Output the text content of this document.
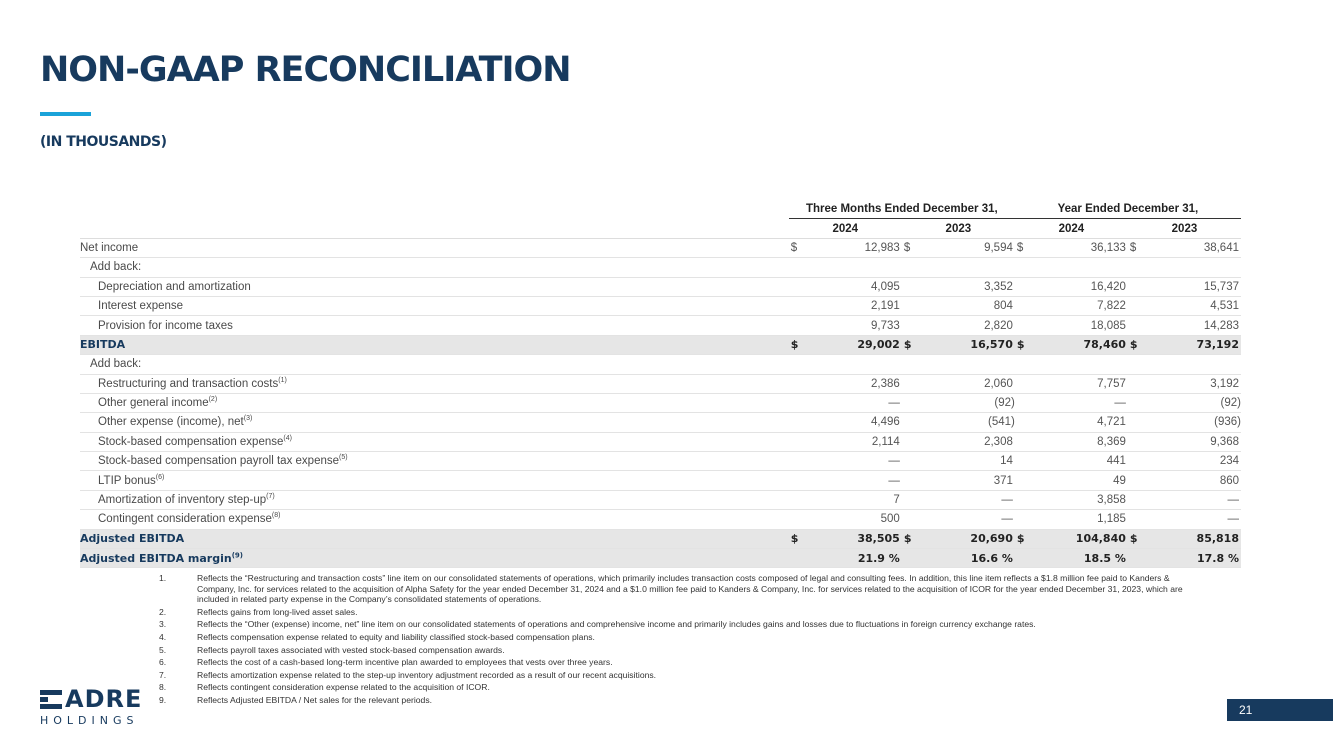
NON-GAAP RECONCILIATION
(IN THOUSANDS)
	Three Months Ended December 31,				Year Ended December 31,			
	2024		2023		2024		2023	
Net income	$	12,983	$	9,594	$	36,133	$	38,641
Add back:								
Depreciation and amortization		4,095		3,352		16,420		15,737
Interest expense		2,191		804		7,822		4,531
Provision for income taxes		9,733		2,820		18,085		14,283
EBITDA	$	29,002	$	16,570	$	78,460	$	73,192
Add back:								
Restructuring and transaction costs$^{(1)}$		2,386		2,060		7,757		3,192
Other general income$^{(2)}$		—		(92)		—		(92)
Other expense (income), net$^{(3)}$		4,496		(541)		4,721		(936)
Stock-based compensation expense$^{(4)}$		2,114		2,308		8,369		9,368
Stock-based compensation payroll tax expense$^{(5)}$		—		14		441		234
LTIP bonus$^{(6)}$		—		371		49		860
Amortization of inventory step-$up^{(7)}$		7		—		3,858		—
Contingent consideration expense$^{(8)}$		500		—		1,185		—
Adjusted EBITDA	$	38,505	$	20,690	$	104,840	$	85,818
Adjusted EBITDA margin$^{(9)}$		21.9 %		16.6 %		18.5 %		17.8 %
1.	Reflects the “Restructuring and transaction costs” line item on our consolidated statements of operations, which primarily includes transaction costs composed of legal and consulting fees. In addition, this line item reflects a $1.8 million fee paid to Kanders & Company, Inc. for services related to the acquisition of Alpha Safety for the year ended December 31, 2024 and a $1.0 million fee paid to Kanders & Company, Inc. for services related to the acquisition of ICOR for the year ended December 31, 2023, which are included in related party expense in the Company’s consolidated statements of operations.
2.	Reflects gains from long-lived asset sales.
3.	Reflects the “Other (expense) income, net” line item on our consolidated statements of operations and comprehensive income and primarily includes gains and losses due to fluctuations in foreign currency exchange rates.
4.	Reflects compensation expense related to equity and liability classified stock-based compensation plans.
5.	Reflects payroll taxes associated with vested stock-based compensation awards.
6.	Reflects the cost of a cash-based long-term incentive plan awarded to employees that vests over three years.
7.	Reflects amortization expense related to the step-up inventory adjustment recorded as a result of our recent acquisitions.
8.	Reflects contingent consideration expense related to the acquisition of ICOR.
9.	Reflects Adjusted EBITDA / Net sales for the relevant periods.
ADRE
HOLDINGS
21
